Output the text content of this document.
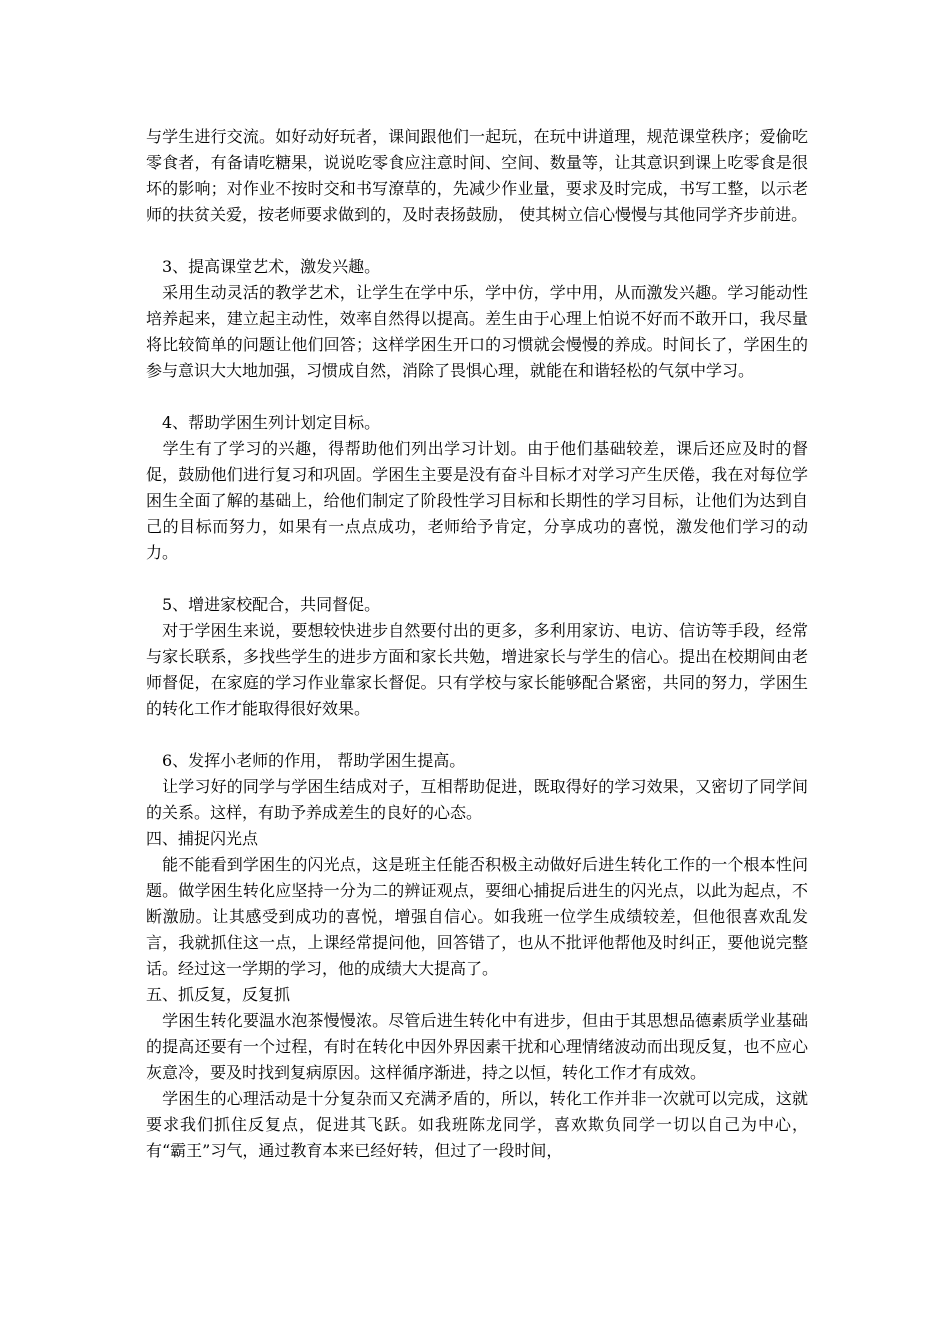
与学生进行交流。如好动好玩者，课间跟他们一起玩，在玩中讲道理，规范课堂秩序；爱偷吃零食者，有备请吃糖果，说说吃零食应注意时间、空间、数量等，让其意识到课上吃零食是很坏的影响；对作业不按时交和书写潦草的，先减少作业量，要求及时完成，书写工整，以示老师的扶贫关爱，按老师要求做到的，及时表扬鼓励， 使其树立信心慢慢与其他同学齐步前进。

　3、提高课堂艺术，激发兴趣。

　采用生动灵活的教学艺术，让学生在学中乐，学中仿，学中用，从而激发兴趣。学习能动性培养起来，建立起主动性，效率自然得以提高。差生由于心理上怕说不好而不敢开口，我尽量将比较简单的问题让他们回答；这样学困生开口的习惯就会慢慢的养成。时间长了，学困生的参与意识大大地加强，习惯成自然，消除了畏惧心理，就能在和谐轻松的气氛中学习。

　4、帮助学困生列计划定目标。

　学生有了学习的兴趣，得帮助他们列出学习计划。由于他们基础较差，课后还应及时的督促，鼓励他们进行复习和巩固。学困生主要是没有奋斗目标才对学习产生厌倦，我在对每位学困生全面了解的基础上，给他们制定了阶段性学习目标和长期性的学习目标，让他们为达到自己的目标而努力，如果有一点点成功，老师给予肯定，分享成功的喜悦，激发他们学习的动力。

　5、增进家校配合，共同督促。

　对于学困生来说，要想较快进步自然要付出的更多，多利用家访、电访、信访等手段，经常与家长联系，多找些学生的进步方面和家长共勉，增进家长与学生的信心。提出在校期间由老师督促，在家庭的学习作业靠家长督促。只有学校与家长能够配合紧密，共同的努力，学困生的转化工作才能取得很好效果。

　6、发挥小老师的作用， 帮助学困生提高。

　让学习好的同学与学困生结成对子，互相帮助促进，既取得好的学习效果，又密切了同学间的关系。这样，有助予养成差生的良好的心态。

四、捕捉闪光点

　能不能看到学困生的闪光点，这是班主任能否积极主动做好后进生转化工作的一个根本性问题。做学困生转化应坚持一分为二的辨证观点，要细心捕捉后进生的闪光点，以此为起点，不断激励。让其感受到成功的喜悦，增强自信心。如我班一位学生成绩较差，但他很喜欢乱发言，我就抓住这一点，上课经常提问他，回答错了，也从不批评他帮他及时纠正，要他说完整话。经过这一学期的学习，他的成绩大大提高了。

五、抓反复，反复抓

　学困生转化要温水泡茶慢慢浓。尽管后进生转化中有进步，但由于其思想品德素质学业基础的提高还要有一个过程，有时在转化中因外界因素干扰和心理情绪波动而出现反复，也不应心灰意冷，要及时找到复病原因。这样循序渐进，持之以恒，转化工作才有成效。

　学困生的心理活动是十分复杂而又充满矛盾的，所以，转化工作并非一次就可以完成，这就要求我们抓住反复点，促进其飞跃。如我班陈龙同学，喜欢欺负同学一切以自己为中心，有“霸王”习气，通过教育本来已经好转，但过了一段时间，
